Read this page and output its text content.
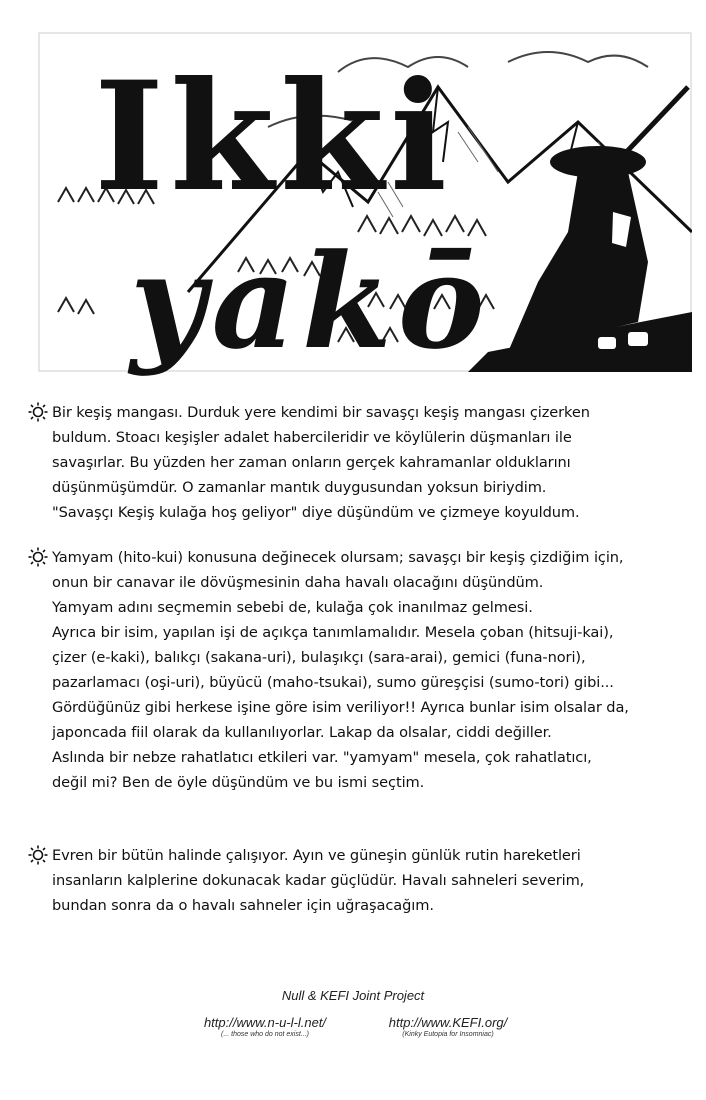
Ikki
yakō
Bir keşiş mangası. Durduk yere kendimi bir savaşçı keşiş mangası çizerken
buldum. Stoacı keşişler adalet habercileridir ve köylülerin düşmanları ile
savaşırlar. Bu yüzden her zaman onların gerçek kahramanlar olduklarını
düşünmüşümdür. O zamanlar mantık duygusundan yoksun biriydim.
"Savaşçı Keşiş kulağa hoş geliyor" diye düşündüm ve çizmeye koyuldum.
Yamyam (hito-kui) konusuna değinecek olursam; savaşçı bir keşiş çizdiğim için,
onun bir canavar ile dövüşmesinin daha havalı olacağını düşündüm.
Yamyam adını seçmemin sebebi de, kulağa çok inanılmaz gelmesi.
Ayrıca bir isim, yapılan işi de açıkça tanımlamalıdır. Mesela çoban (hitsuji-kai),
çizer (e-kaki), balıkçı (sakana-uri), bulaşıkçı (sara-arai), gemici (funa-nori),
pazarlamacı (oşi-uri), büyücü (maho-tsukai), sumo güreşçisi (sumo-tori) gibi...
Gördüğünüz gibi herkese işine göre isim veriliyor!! Ayrıca bunlar isim olsalar da,
japoncada fiil olarak da kullanılıyorlar. Lakap da olsalar, ciddi değiller.
Aslında bir nebze rahatlatıcı etkileri var. "yamyam" mesela, çok rahatlatıcı,
değil mi? Ben de öyle düşündüm ve bu ismi seçtim.
Evren bir bütün halinde çalışıyor. Ayın ve güneşin günlük rutin hareketleri
insanların kalplerine dokunacak kadar güçlüdür. Havalı sahneleri severim,
bundan sonra da o havalı sahneler için uğraşacağım.
Null & KEFI Joint Project
http://www.n-u-l-l.net/
(... those who do not exist...)
http://www.KEFI.org/
(Kinky Eutopia for Insomniac)
